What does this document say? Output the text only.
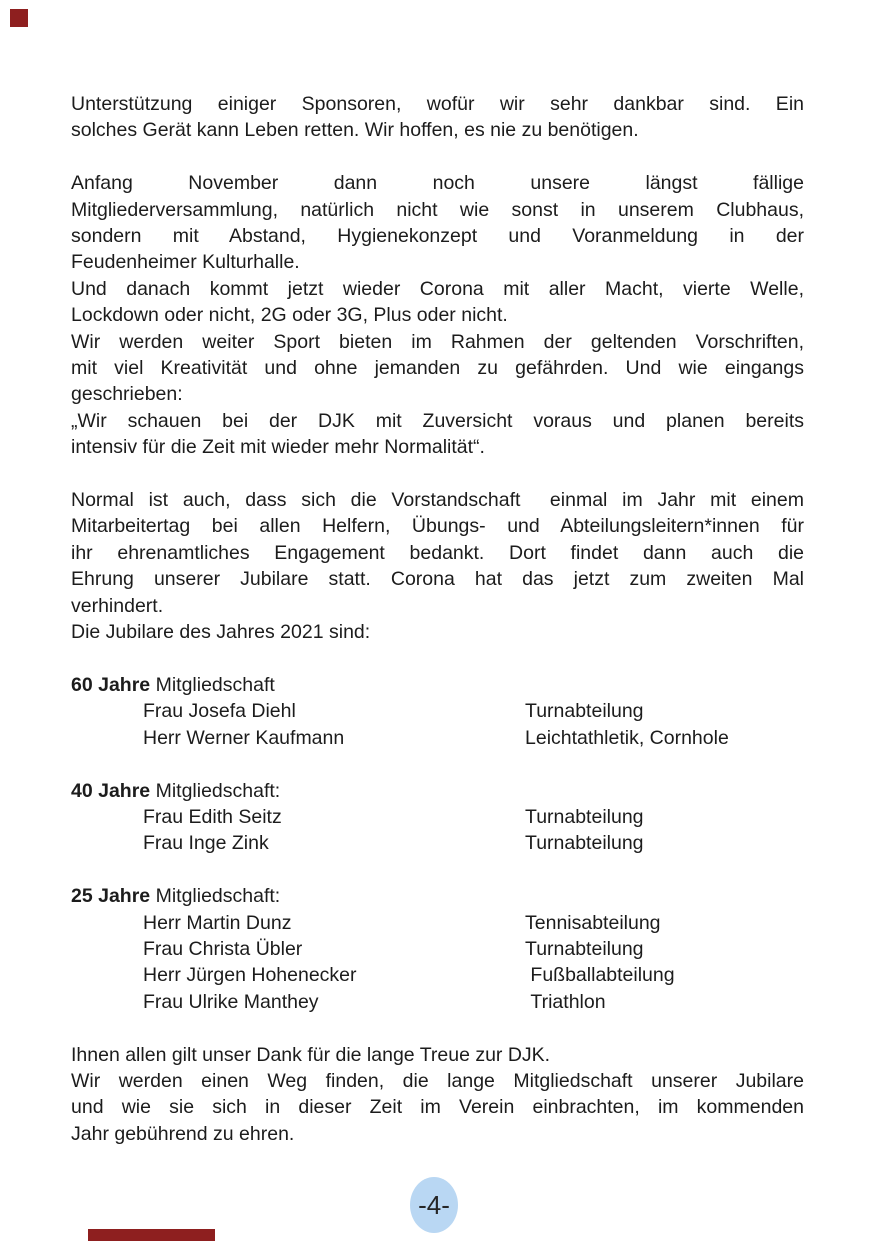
Unterstützung einiger Sponsoren, wofür wir sehr dankbar sind. Ein
solches Gerät kann Leben retten. Wir hoffen, es nie zu benötigen.
Anfang November dann noch unsere längst fällige
Mitgliederversammlung, natürlich nicht wie sonst in unserem Clubhaus,
sondern mit Abstand, Hygienekonzept und Voranmeldung in der
Feudenheimer Kulturhalle.
Und danach kommt jetzt wieder Corona mit aller Macht, vierte Welle,
Lockdown oder nicht, 2G oder 3G, Plus oder nicht.
Wir werden weiter Sport bieten im Rahmen der geltenden Vorschriften,
mit viel Kreativität und ohne jemanden zu gefährden. Und wie eingangs
geschrieben:
„Wir schauen bei der DJK mit Zuversicht voraus und planen bereits
intensiv für die Zeit mit wieder mehr Normalität“.
Normal ist auch, dass sich die Vorstandschaft  einmal im Jahr mit einem
Mitarbeitertag bei allen Helfern, Übungs- und Abteilungsleitern*innen für
ihr ehrenamtliches Engagement bedankt. Dort findet dann auch die
Ehrung unserer Jubilare statt. Corona hat das jetzt zum zweiten Mal
verhindert.
Die Jubilare des Jahres 2021 sind:
60 Jahre Mitgliedschaft
Frau Josefa Diehl	Turnabteilung
Herr Werner Kaufmann	Leichtathletik, Cornhole
40 Jahre Mitgliedschaft:
Frau Edith Seitz	Turnabteilung
Frau Inge Zink	Turnabteilung
25 Jahre Mitgliedschaft:
Herr Martin Dunz	Tennisabteilung
Frau Christa Übler	Turnabteilung
Herr Jürgen Hohenecker	Fußballabteilung
Frau Ulrike Manthey	Triathlon
Ihnen allen gilt unser Dank für die lange Treue zur DJK.
Wir werden einen Weg finden, die lange Mitgliedschaft unserer Jubilare
und wie sie sich in dieser Zeit im Verein einbrachten, im kommenden
Jahr gebührend zu ehren.
-4-
